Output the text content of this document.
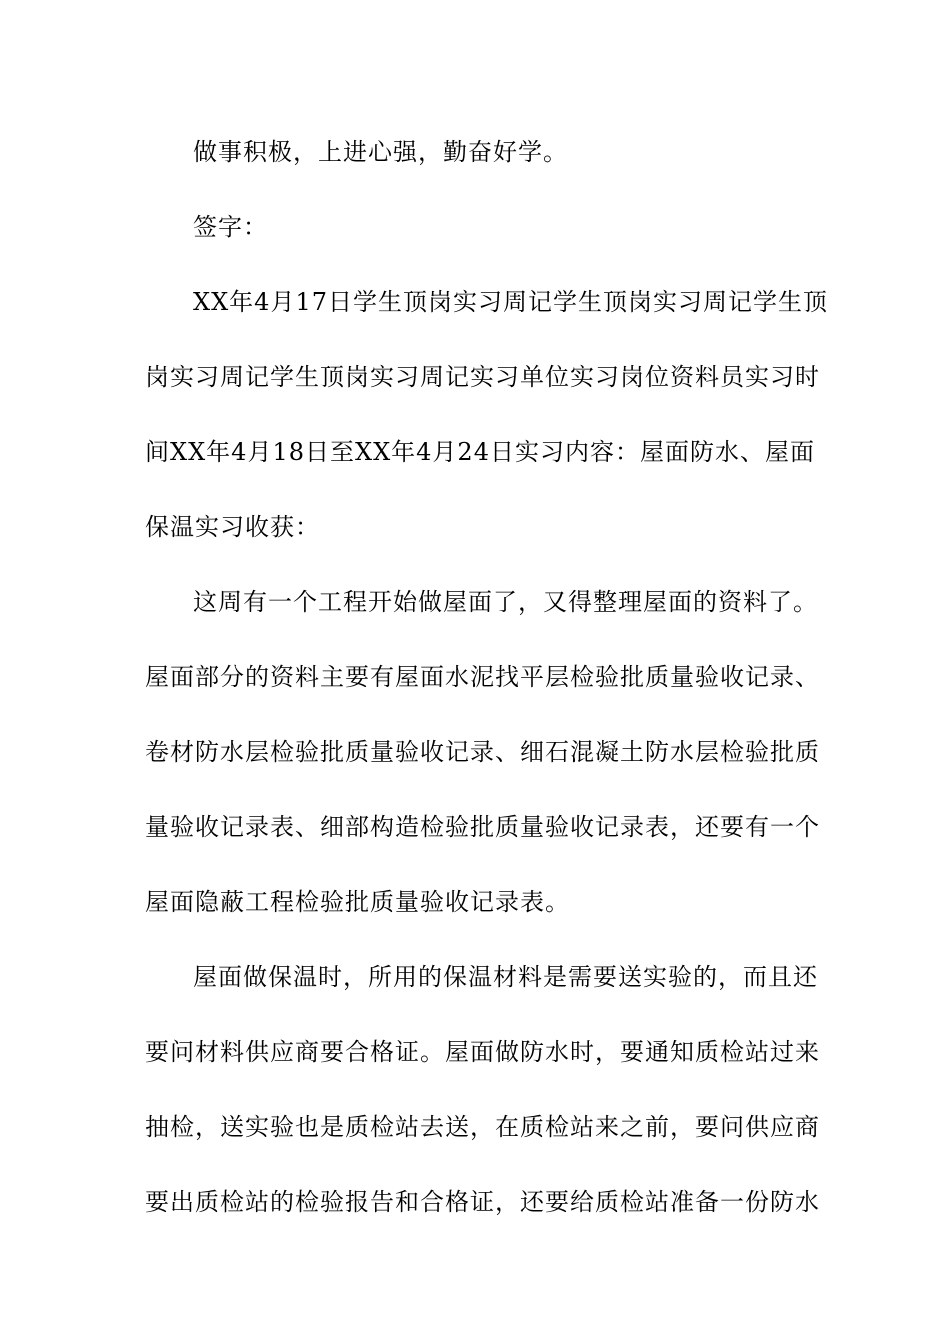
做事积极，上进心强，勤奋好学。
签字：
XX年4月17日学生顶岗实习周记学生顶岗实习周记学生顶
岗实习周记学生顶岗实习周记实习单位实习岗位资料员实习时
间XX年4月18日至XX年4月24日实习内容：屋面防水、屋面
保温实习收获：
这周有一个工程开始做屋面了，又得整理屋面的资料了。
屋面部分的资料主要有屋面水泥找平层检验批质量验收记录、
卷材防水层检验批质量验收记录、细石混凝土防水层检验批质
量验收记录表、细部构造检验批质量验收记录表，还要有一个
屋面隐蔽工程检验批质量验收记录表。
屋面做保温时，所用的保温材料是需要送实验的，而且还
要问材料供应商要合格证。屋面做防水时，要通知质检站过来
抽检，送实验也是质检站去送，在质检站来之前，要问供应商
要出质检站的检验报告和合格证，还要给质检站准备一份防水
